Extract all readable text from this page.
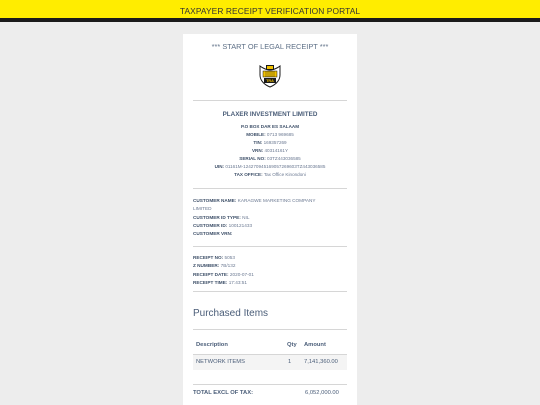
TAXPAYER RECEIPT VERIFICATION PORTAL
*** START OF LEGAL RECEIPT ***
TRA
PLAXER INVESTMENT LIMITED
P.O BOX DAR ES SALAAM
MOBILE: 0713 969685
TIN: 169357269
VRN: 40314161Y
SERIAL NO: 03TZ443036585
UIN: 01161M-124270945169057269603TZ443036585
TAX OFFICE: Tax Office Kinondoni
CUSTOMER NAME: KARAGWE MARKETING COMPANY
LIMITED
CUSTOMER ID TYPE: NIL
CUSTOMER ID: 100121433
CUSTOMER VRN:
RECEIPT NO: 5053
Z NUMBER: 7B/132
RECEIPT DATE: 2020-07-01
RECEIPT TIME: 17:43:51
Purchased Items
Description	Qty	Amount
NETWORK ITEMS	1	7,141,360.00
TOTAL EXCL OF TAX:	6,052,000.00
